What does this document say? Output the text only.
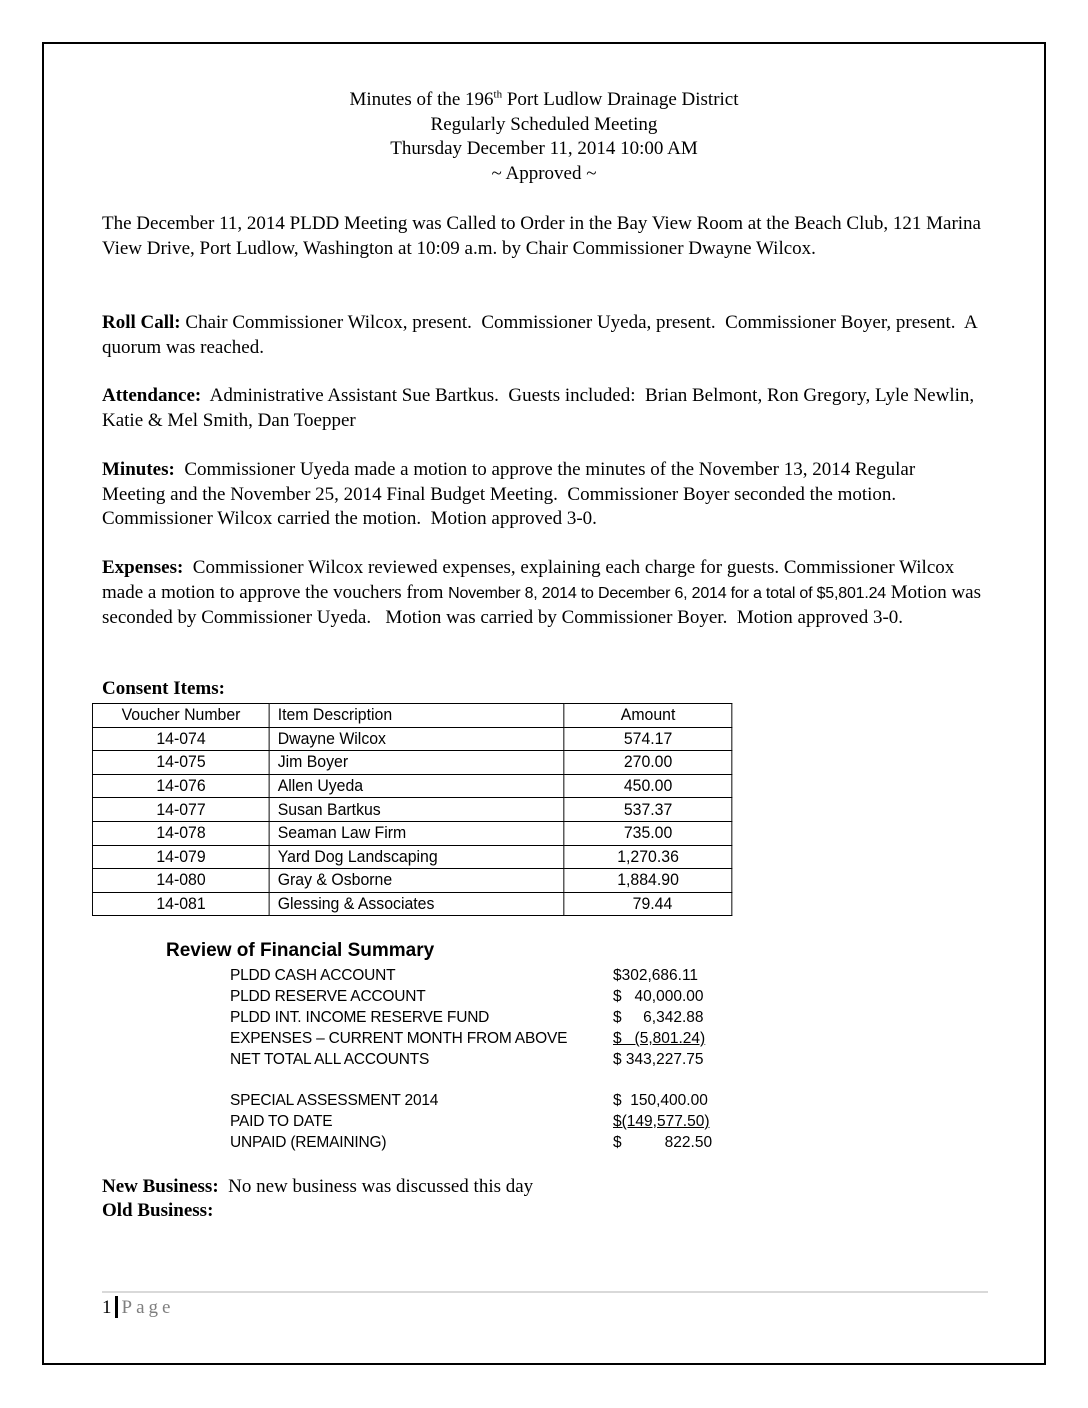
Minutes of the 196th Port Ludlow Drainage District
Regularly Scheduled Meeting
Thursday December 11, 2014 10:00 AM
~ Approved ~
The December 11, 2014 PLDD Meeting was Called to Order in the Bay View Room at the Beach Club, 121 Marina View Drive, Port Ludlow, Washington at 10:09 a.m. by Chair Commissioner Dwayne Wilcox.
Roll Call: Chair Commissioner Wilcox, present.  Commissioner Uyeda, present.  Commissioner Boyer, present.  A quorum was reached.
Attendance:  Administrative Assistant Sue Bartkus.  Guests included:  Brian Belmont, Ron Gregory, Lyle Newlin, Katie & Mel Smith, Dan Toepper
Minutes:  Commissioner Uyeda made a motion to approve the minutes of the November 13, 2014 Regular Meeting and the November 25, 2014 Final Budget Meeting.  Commissioner Boyer seconded the motion.  Commissioner Wilcox carried the motion.  Motion approved 3-0.
Expenses:  Commissioner Wilcox reviewed expenses, explaining each charge for guests. Commissioner Wilcox made a motion to approve the vouchers from November 8, 2014 to December 6, 2014 for a total of $5,801.24 Motion was seconded by Commissioner Uyeda.   Motion was carried by Commissioner Boyer.  Motion approved 3-0.
Consent Items:
Voucher Number	Item Description	Amount
14-074	Dwayne Wilcox	574.17
14-075	Jim Boyer	270.00
14-076	Allen Uyeda	450.00
14-077	Susan Bartkus	537.37
14-078	Seaman Law Firm	735.00
14-079	Yard Dog Landscaping	1,270.36
14-080	Gray & Osborne	1,884.90
14-081	Glessing & Associates	79.44
Review of Financial Summary
PLDD CASH ACCOUNT	$302,686.11
PLDD RESERVE ACCOUNT	$   40,000.00
PLDD INT. INCOME RESERVE FUND	$     6,342.88
EXPENSES – CURRENT MONTH FROM ABOVE	$   (5,801.24)
NET TOTAL ALL ACCOUNTS	$ 343,227.75
SPECIAL ASSESSMENT 2014	$  150,400.00
PAID TO DATE	$(149,577.50)
UNPAID (REMAINING)	$          822.50
New Business:  No new business was discussed this day
Old Business:
1 Page
